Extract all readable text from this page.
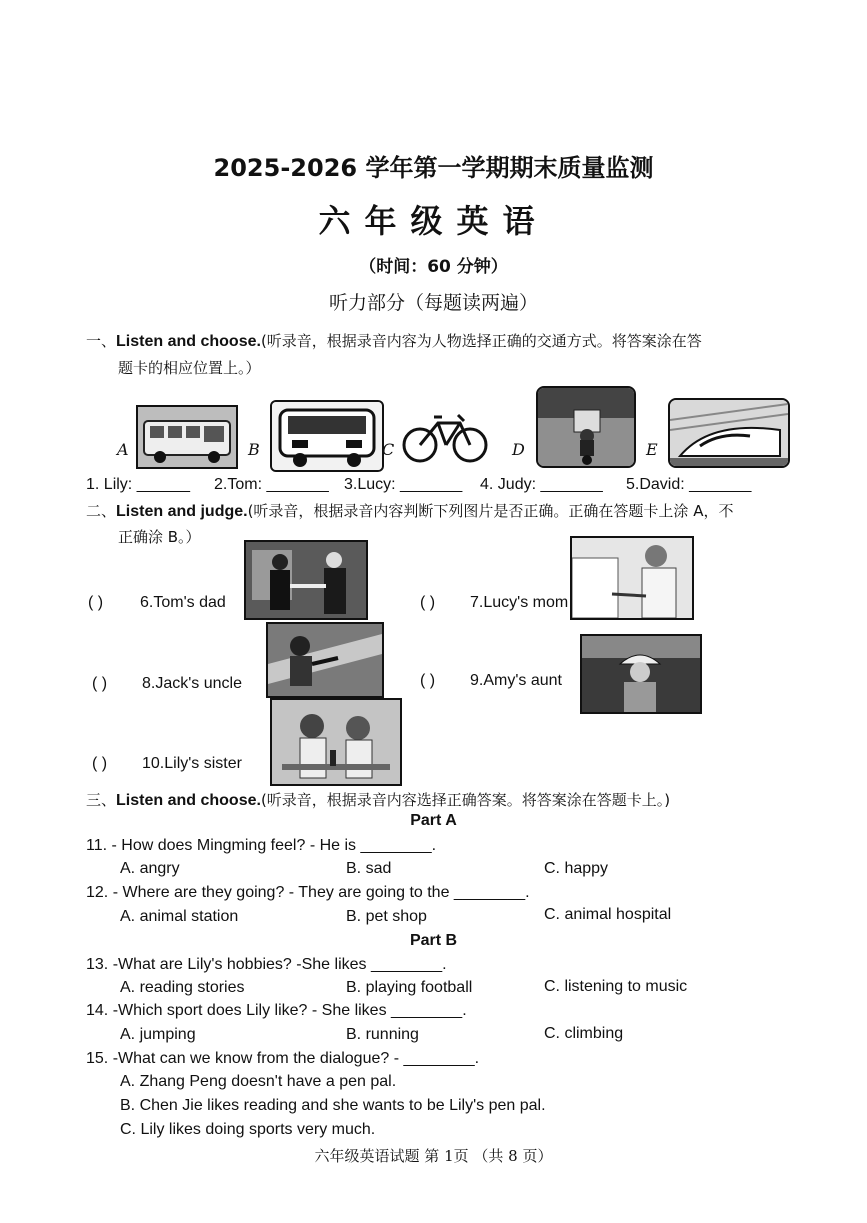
2025-2026 学年第一学期期末质量监测
六年级英语
（时间：60 分钟）
听力部分（每题读两遍）
一、Listen and choose.(听录音，根据录音内容为人物选择正确的交通方式。将答案涂在答
题卡的相应位置上。）
A	B	C	D	E
1. Lily: ______ 2.Tom: _______ 3.Lucy: _______ 4. Judy: _______ 5.David: _______
二、Listen and judge.(听录音，根据录音内容判断下列图片是否正确。正确在答题卡上涂 A，不
正确涂 B。）
( ) 6.Tom's dad	( ) 7.Lucy's mom
( ) 8.Jack's uncle	( ) 9.Amy's aunt
( ) 10.Lily's sister
三、Listen and choose.(听录音，根据录音内容选择正确答案。将答案涂在答题卡上。)
Part A
11. - How does Mingming feel? - He is ________.
A. angry	B. sad	C. happy
12. - Where are they going? - They are going to the ________.
A. animal station	B. pet shop	C. animal hospital
Part B
13. -What are Lily's hobbies? -She likes ________.
A. reading stories	B. playing football	C. listening to music
14. -Which sport does Lily like? - She likes ________.
A. jumping	B. running	C. climbing
15. -What can we know from the dialogue? - ________.
A. Zhang Peng doesn't have a pen pal.
B. Chen Jie likes reading and she wants to be Lily's pen pal.
C. Lily likes doing sports very much.
六年级英语试题 第 1页 （共 8 页）
